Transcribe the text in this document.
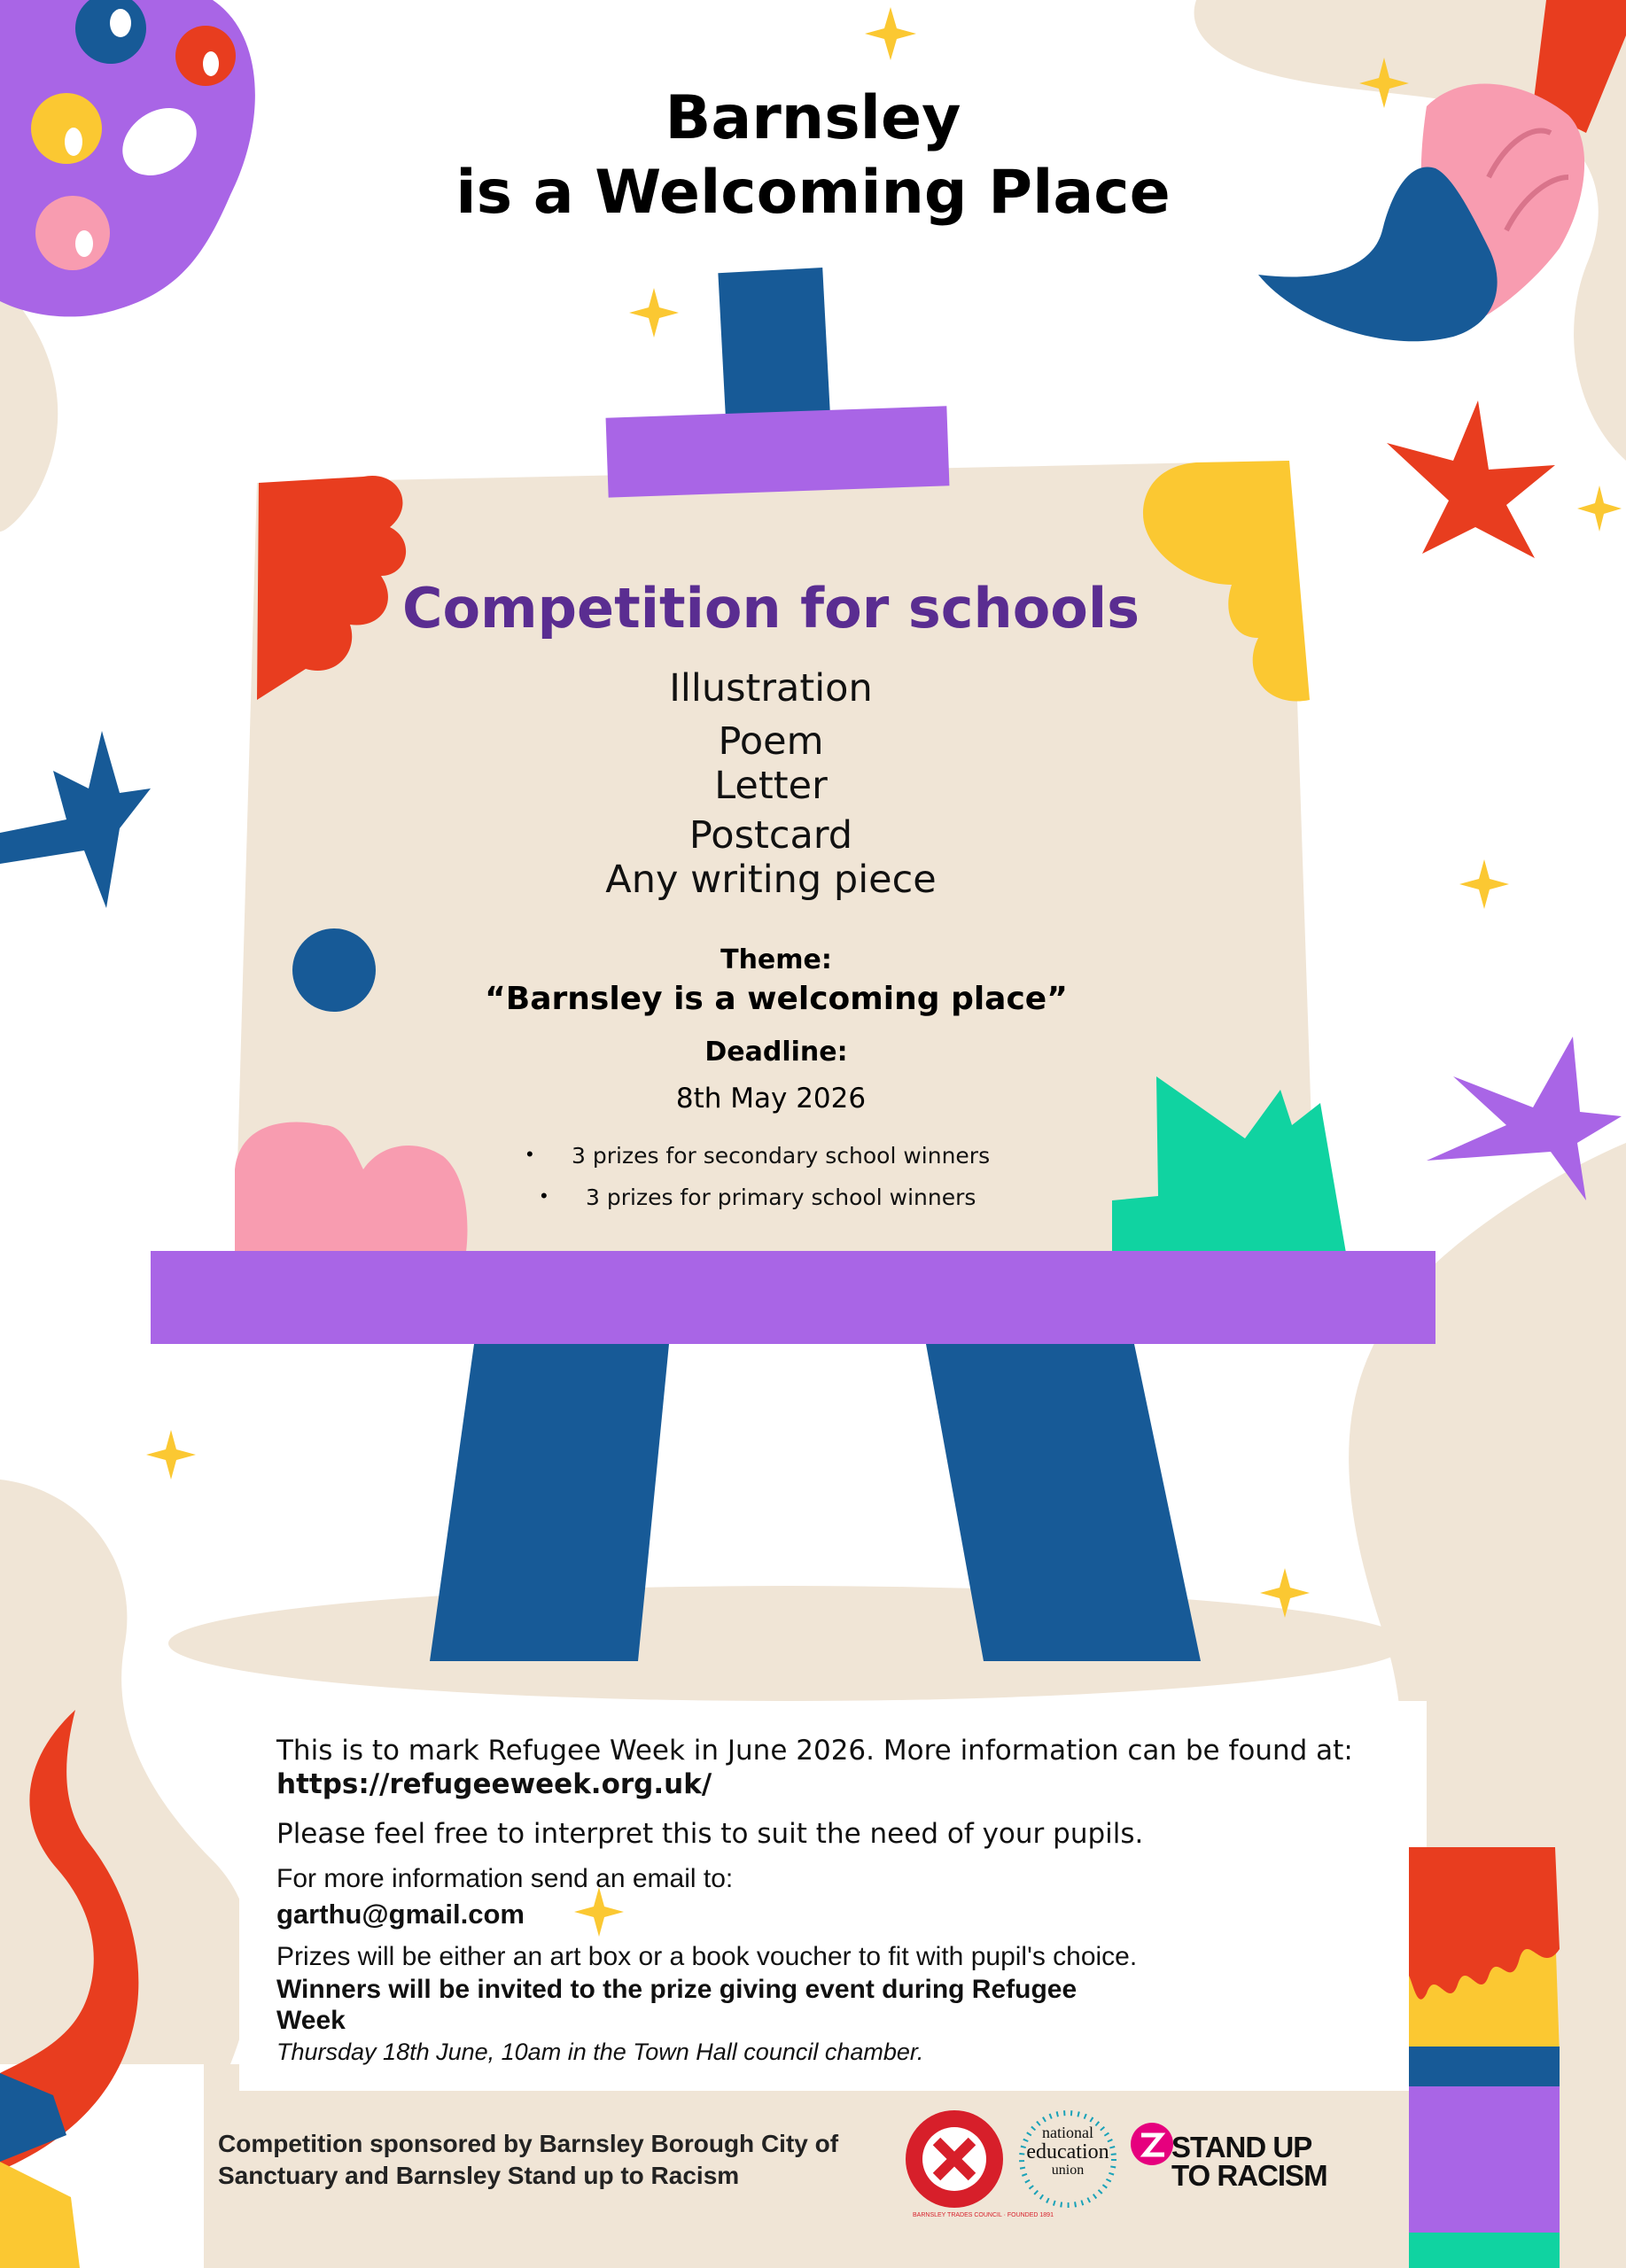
Barnsley
is a Welcoming Place
Competition for schools
Illustration
Poem
Letter
Postcard
Any writing piece
Theme:
“Barnsley is a welcoming place”
Deadline:
8th May 2026
• 3 prizes for secondary school winners
• 3 prizes for primary school winners
This is to mark Refugee Week in June 2026. More information can be found at:
https://refugeeweek.org.uk/
Please feel free to interpret this to suit the need of your pupils.
For more information send an email to:
garthu@gmail.com
Prizes will be either an art box or a book voucher to fit with pupil's choice.
Winners will be invited to the prize giving event during Refugee
Week
Thursday 18th June, 10am in the Town Hall council chamber.
Competition sponsored by Barnsley Borough City of
Sanctuary and Barnsley Stand up to Racism
BARNSLEY TRADES COUNCIL · FOUNDED 1891
national
education
union
STAND UP
TO RACISM
